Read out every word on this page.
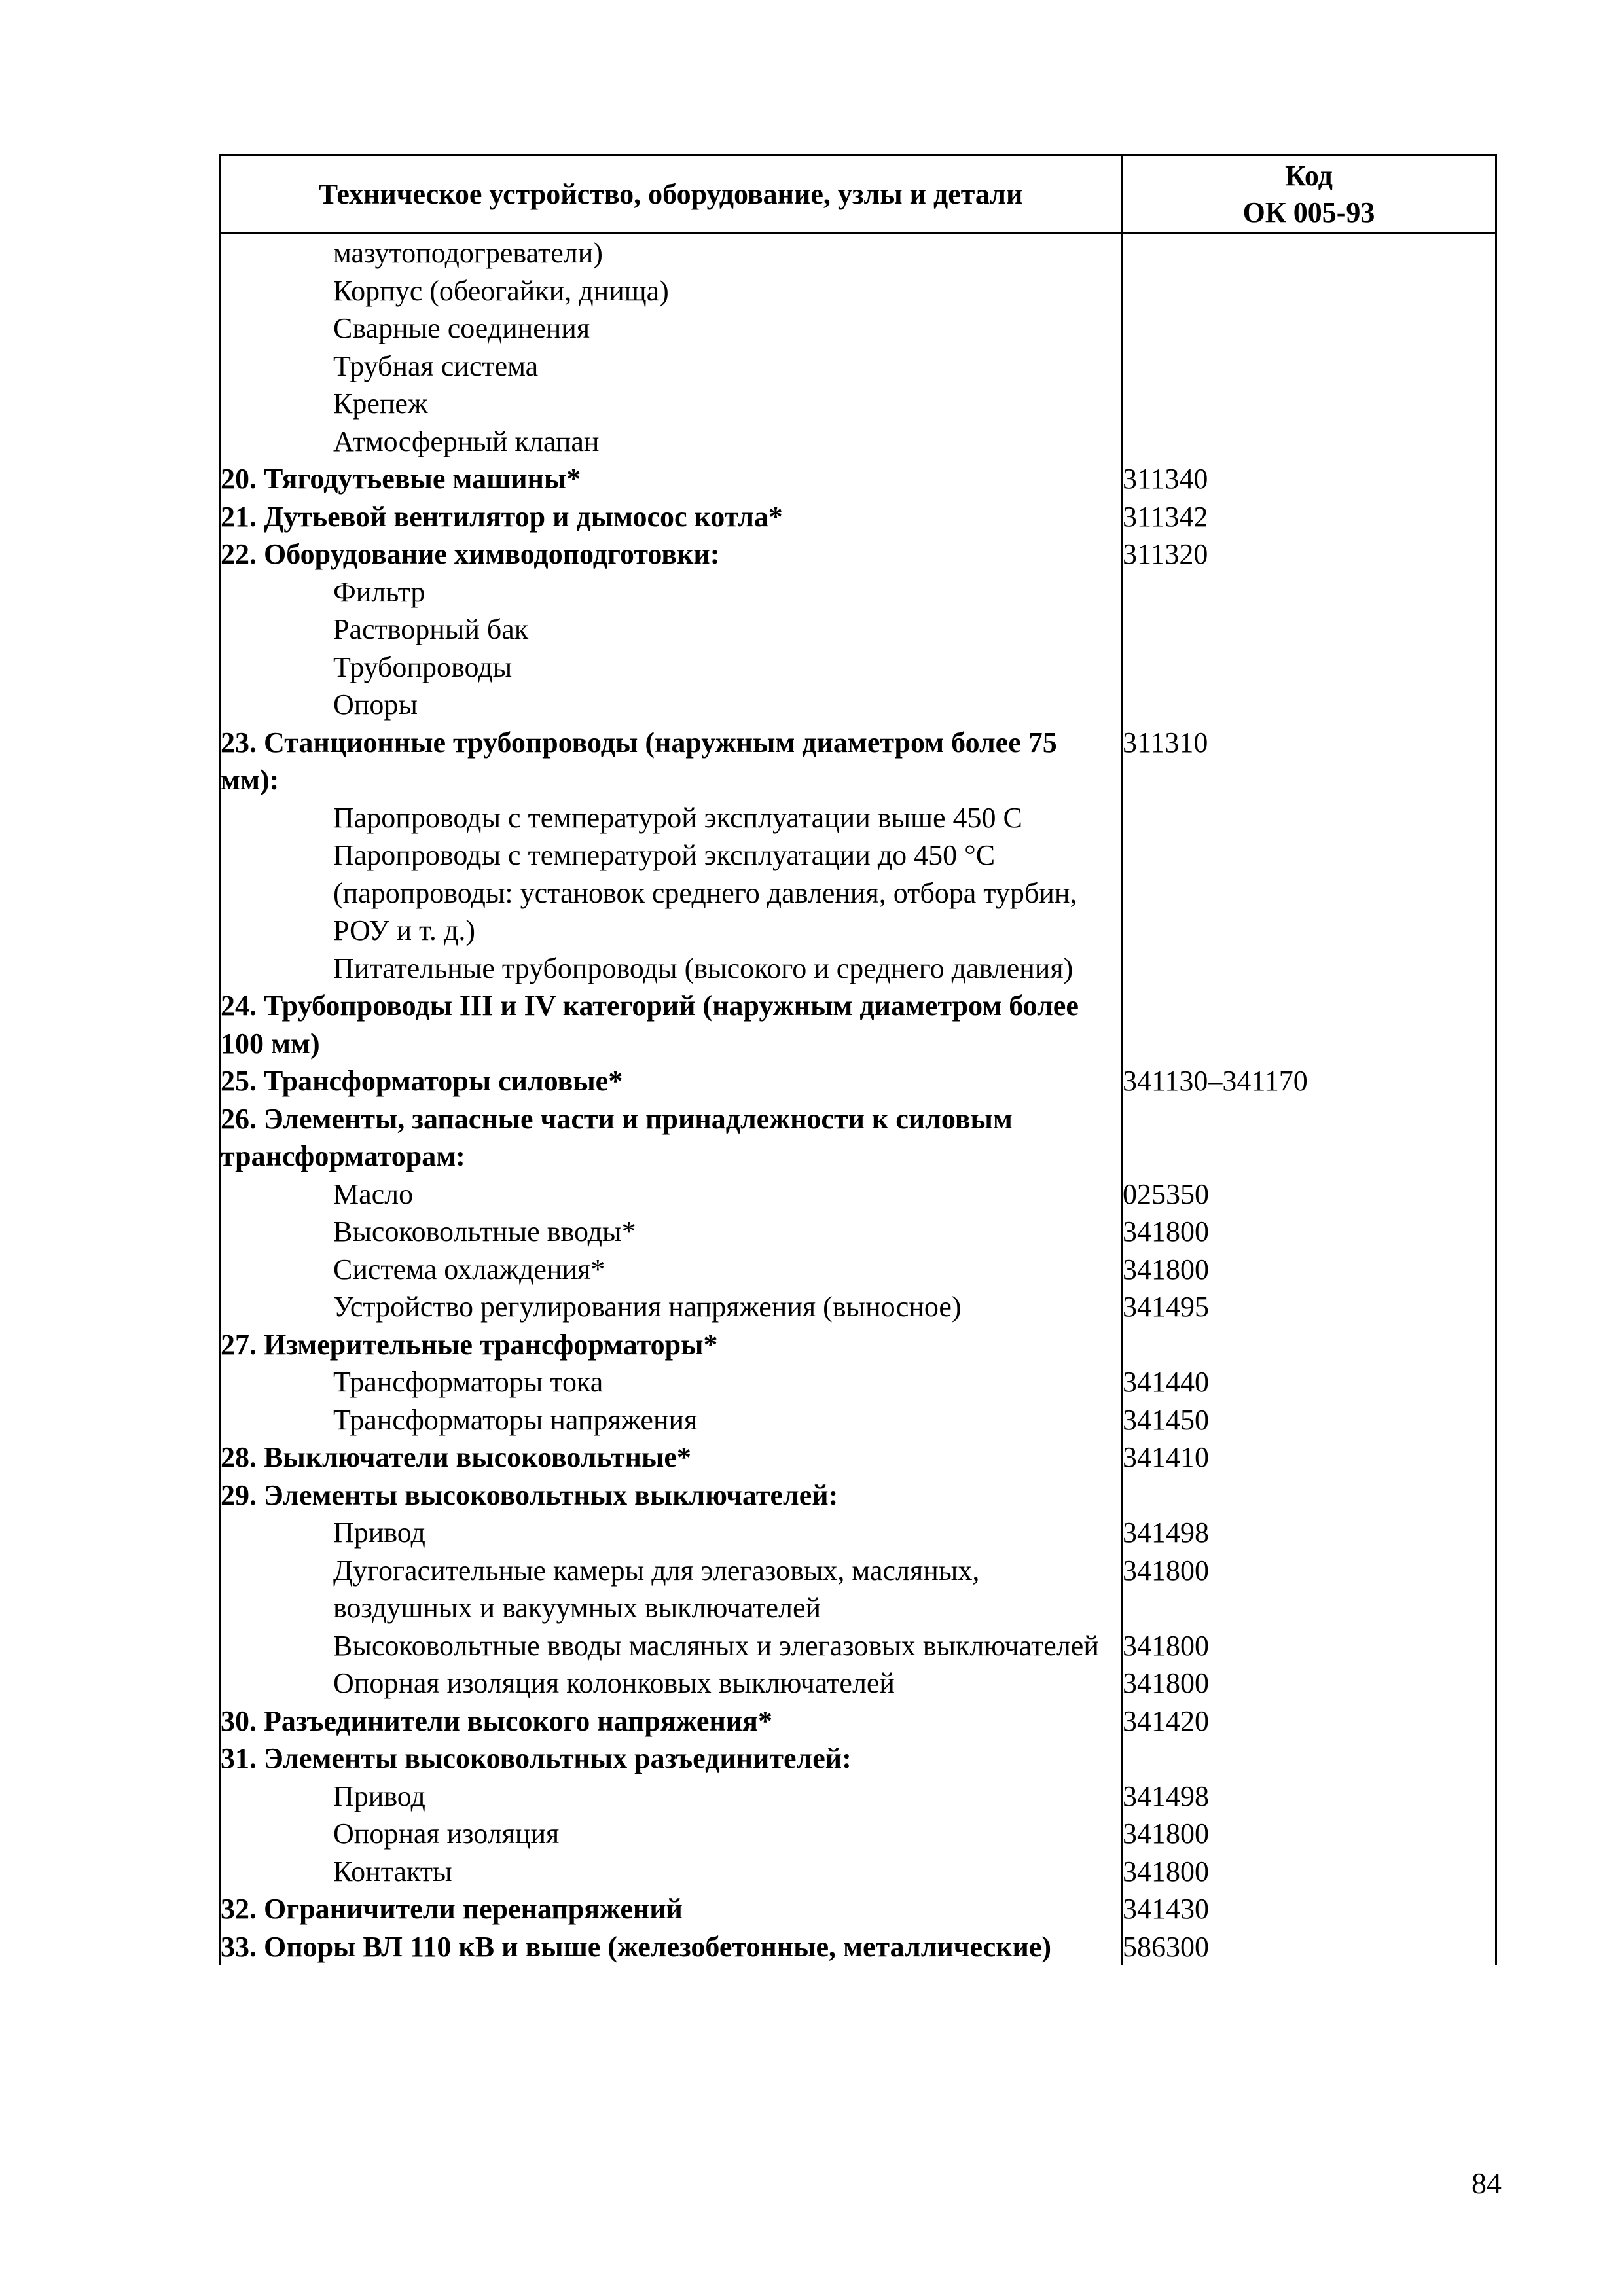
Техническое устройство, оборудование, узлы и детали	Код
ОК 005-93
мазутоподогреватели)	
Корпус (обеогайки, днища)	
Сварные соединения	
Трубная система	
Крепеж	
Атмосферный клапан	
20. Тягодутьевые машины*	311340
21. Дутьевой вентилятор и дымосос котла*	311342
22. Оборудование химводоподготовки:	311320
Фильтр	
Растворный бак	
Трубопроводы	
Опоры	
23. Станционные трубопроводы (наружным диаметром более 75 мм):	311310
Паропроводы с температурой эксплуатации выше 450 С	
Паропроводы с температурой эксплуатации до 450 °С (паропроводы: установок среднего давления, отбора турбин, РОУ и т. д.)	
Питательные трубопроводы (высокого и среднего давления)	
24. Трубопроводы III и IV категорий (наружным диаметром более 100 мм)	
25. Трансформаторы силовые*	341130–341170
26. Элементы, запасные части и принадлежности к силовым трансформаторам:	
Масло	025350
Высоковольтные вводы*	341800
Система охлаждения*	341800
Устройство регулирования напряжения (выносное)	341495
27. Измерительные трансформаторы*	
Трансформаторы тока	341440
Трансформаторы напряжения	341450
28. Выключатели высоковольтные*	341410
29. Элементы высоковольтных выключателей:	
Привод	341498
Дугогасительные камеры для элегазовых, масляных, воздушных и вакуумных выключателей	341800
Высоковольтные вводы масляных и элегазовых выключателей	341800
Опорная изоляция колонковых выключателей	341800
30. Разъединители высокого напряжения*	341420
31. Элементы высоковольтных разъединителей:	
Привод	341498
Опорная изоляция	341800
Контакты	341800
32. Ограничители перенапряжений	341430
33. Опоры ВЛ 110 кВ и выше (железобетонные, металлические)	586300
84
